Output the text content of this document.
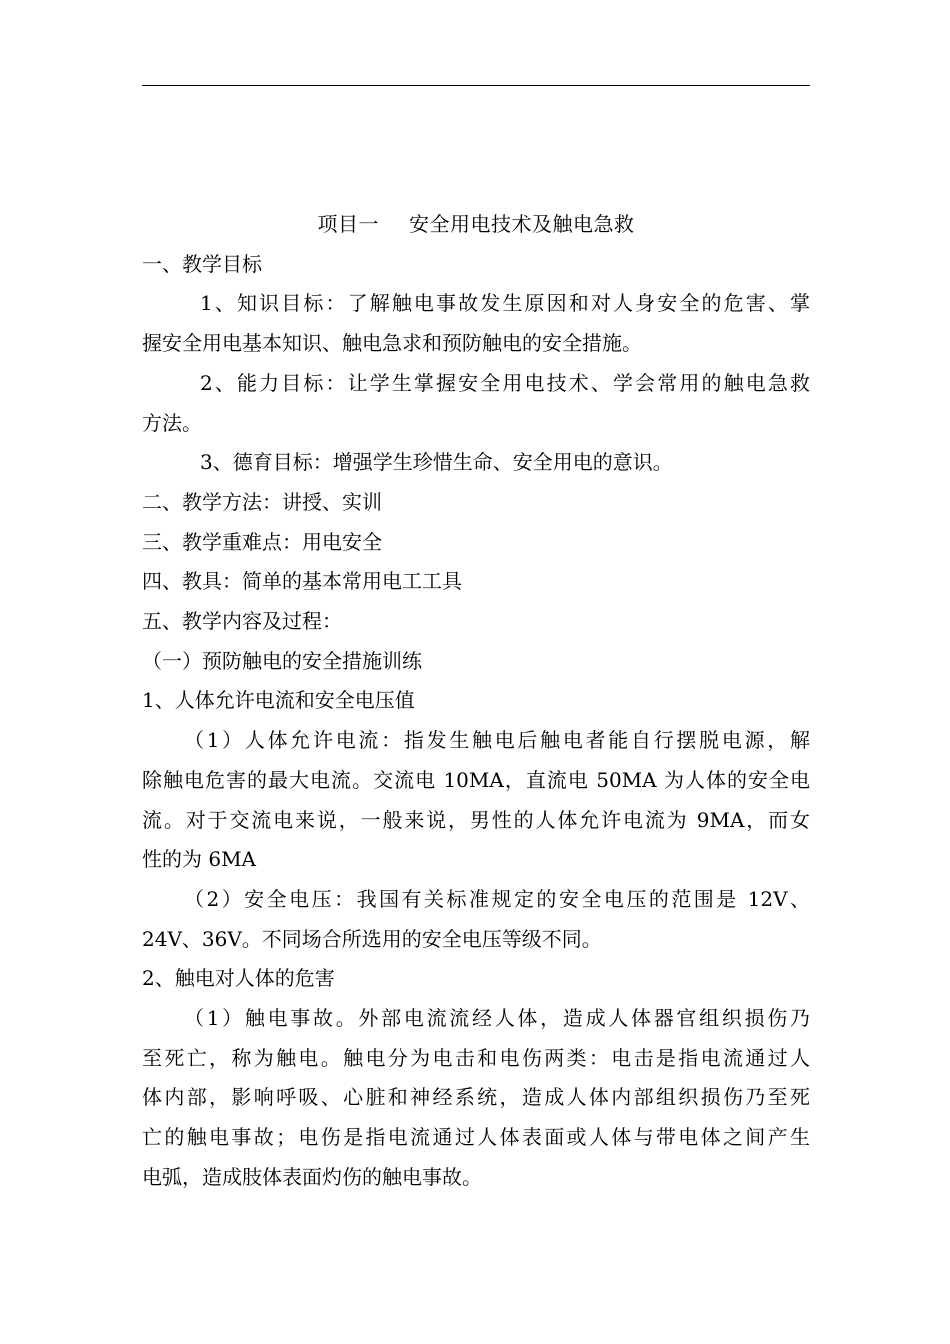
项目一 安全用电技术及触电急救
一、教学目标
1、知识目标：了解触电事故发生原因和对人身安全的危害、掌
握安全用电基本知识、触电急求和预防触电的安全措施。
2、能力目标：让学生掌握安全用电技术、学会常用的触电急救
方法。
3、德育目标：增强学生珍惜生命、安全用电的意识。
二、教学方法：讲授、实训
三、教学重难点：用电安全
四、教具：简单的基本常用电工工具
五、教学内容及过程：
（一）预防触电的安全措施训练
1、人体允许电流和安全电压值
（1）人体允许电流：指发生触电后触电者能自行摆脱电源，解
除触电危害的最大电流。交流电 10MA，直流电 50MA 为人体的安全电
流。对于交流电来说，一般来说，男性的人体允许电流为 9MA，而女
性的为 6MA
（2）安全电压：我国有关标准规定的安全电压的范围是 12V、
24V、36V。不同场合所选用的安全电压等级不同。
2、触电对人体的危害
（1）触电事故。外部电流流经人体，造成人体器官组织损伤乃
至死亡，称为触电。触电分为电击和电伤两类：电击是指电流通过人
体内部，影响呼吸、心脏和神经系统，造成人体内部组织损伤乃至死
亡的触电事故；电伤是指电流通过人体表面或人体与带电体之间产生
电弧，造成肢体表面灼伤的触电事故。
